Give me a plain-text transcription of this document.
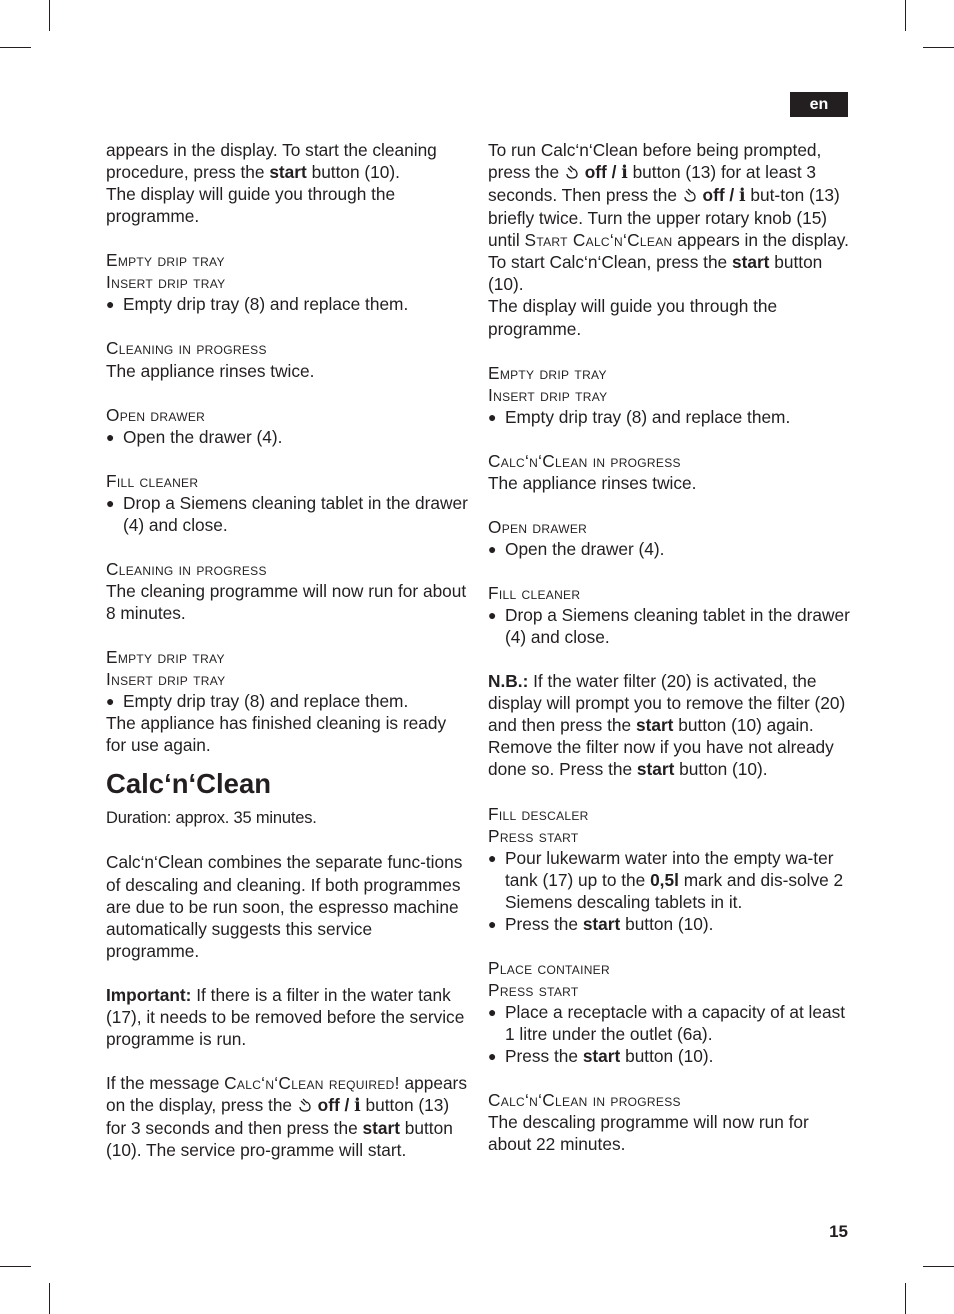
en
15

appears in the display. To start the cleaning procedure, press the start button (10).
The display will guide you through the programme.

Empty drip tray

Insert drip tray

● Empty drip tray (8) and replace them.

Cleaning in progress

The appliance rinses twice.

Open drawer

● Open the drawer (4).

Fill cleaner

● Drop a Siemens cleaning tablet in the drawer (4) and close.

Cleaning in progress

The cleaning programme will now run for about 8 minutes.

Empty drip tray

Insert drip tray

● Empty drip tray (8) and replace them.

The appliance has finished cleaning is ready for use again.

Calc‘n‘Clean

Duration: approx. 35 minutes.

Calc‘n‘Clean combines the separate func-tions of descaling and cleaning. If both programmes are due to be run soon, the espresso machine automatically suggests this service programme.

Important: If there is a filter in the water tank (17), it needs to be removed before the service programme is run.

If the message Calc‘n‘Clean required! appears on the display, press the  off / i button (13) for 3 seconds and then press the start button (10). The service pro-gramme will start.

To run Calc‘n‘Clean before being prompted, press the  off / i button (13) for at least 3 seconds. Then press the  off / i but-ton (13) briefly twice. Turn the upper rotary knob (15) until Start Calc‘n‘Clean appears in the display. To start Calc‘n‘Clean, press the start button (10).
The display will guide you through the programme.

Empty drip tray

Insert drip tray

● Empty drip tray (8) and replace them.

Calc‘n‘Clean in progress

The appliance rinses twice.

Open drawer

● Open the drawer (4).

Fill cleaner

● Drop a Siemens cleaning tablet in the drawer (4) and close.

N.B.: If the water filter (20) is activated, the display will prompt you to remove the filter (20) and then press the start button (10) again. Remove the filter now if you have not already done so. Press the start button (10).

Fill descaler

Press start

● Pour lukewarm water into the empty wa-ter tank (17) up to the 0,5l mark and dis-solve 2 Siemens descaling tablets in it.

● Press the start button (10).

Place container

Press start

● Place a receptacle with a capacity of at least 1 litre under the outlet (6a).

● Press the start button (10).

Calc‘n‘Clean in progress

The descaling programme will now run for about 22 minutes.
